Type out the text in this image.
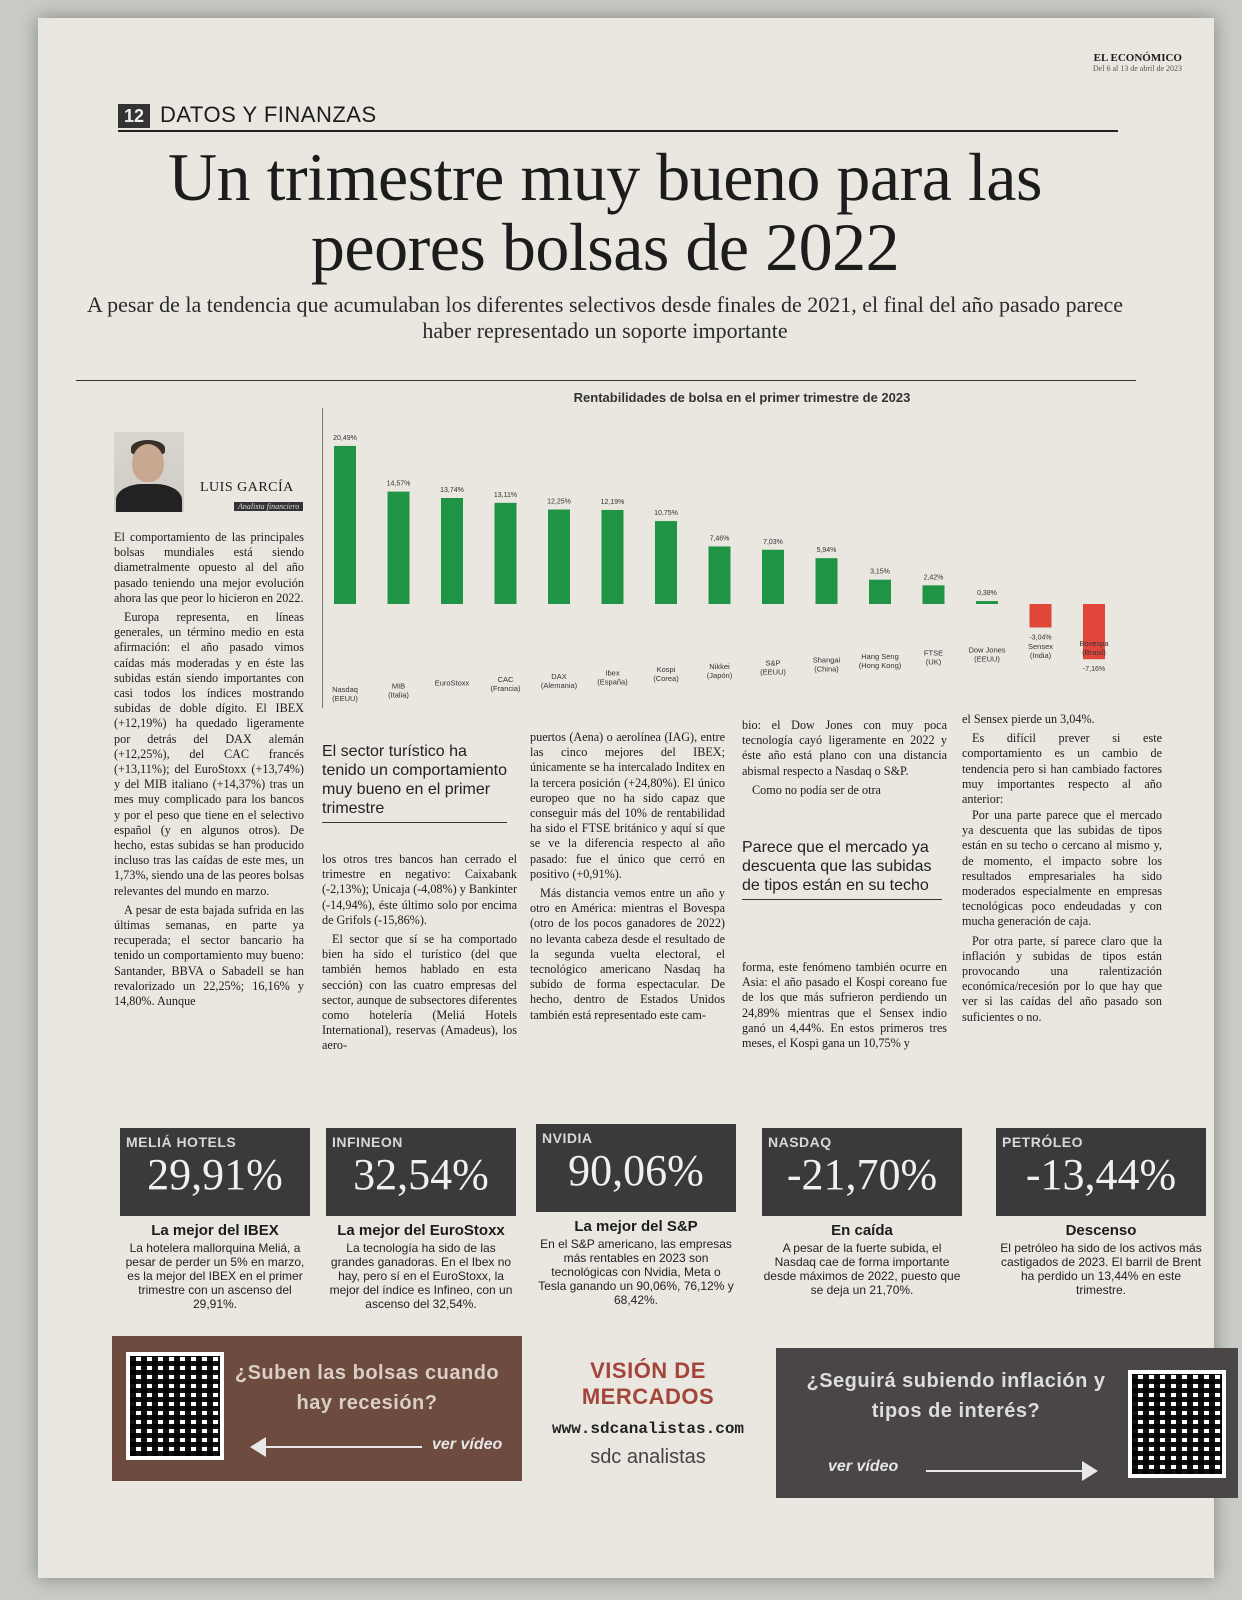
EL ECONÓMICO
Del 6 al 13 de abril de 2023
12 DATOS Y FINANZAS
Un trimestre muy bueno para las peores bolsas de 2022
A pesar de la tendencia que acumulaban los diferentes selectivos desde finales de 2021, el final del año pasado parece haber representado un soporte importante
LUIS GARCÍA
Analista financiero
Rentabilidades de bolsa en el primer trimestre de 2023
20,49%
Nasdaq (EEUU)
14,57%
MIB (Italia)
13,74%
EuroStoxx
13,11%
CAC (Francia)
12,25%
DAX (Alemania)
12,19%
Ibex (España)
10,75%
Kospi (Corea)
7,46%
Nikkei (Japón)
7,03%
S&P (EEUU)
5,94%
Shangai (China)
3,15%
Hang Seng (Hong Kong)
2,42%
FTSE (UK)
0,38%
Dow Jones (EEUU)
-3,04%
Sensex (India)
-7,16%
Bovespa (Brasil)

El comportamiento de las principales bolsas mundiales está siendo diametralmente opuesto al del año pasado teniendo una mejor evolución ahora las que peor lo hicieron en 2022.

Europa representa, en líneas generales, un término medio en esta afirmación: el año pasado vimos caídas más moderadas y en éste las subidas están siendo importantes con casi todos los índices mostrando subidas de doble dígito. El IBEX (+12,19%) ha quedado ligeramente por detrás del DAX alemán (+12,25%), del CAC francés (+13,11%); del EuroStoxx (+13,74%) y del MIB italiano (+14,37%) tras un mes muy complicado para los bancos y por el peso que tiene en el selectivo español (y en algunos otros). De hecho, estas subidas se han producido incluso tras las caídas de este mes, un 1,73%, siendo una de las peores bolsas relevantes del mundo en marzo.

A pesar de esta bajada sufrida en las últimas semanas, en parte ya recuperada; el sector bancario ha tenido un comportamiento muy bueno: Santander, BBVA o Sabadell se han revalorizado un 22,25%; 16,16% y 14,80%. Aunque

El sector turístico ha tenido un comportamiento muy bueno en el primer trimestre

los otros tres bancos han cerrado el trimestre en negativo: Caixabank (-2,13%); Unicaja (-4,08%) y Bankinter (-14,94%), éste último solo por encima de Grifols (-15,86%).

El sector que sí se ha comportado bien ha sido el turístico (del que también hemos hablado en esta sección) con las cuatro empresas del sector, aunque de subsectores diferentes como hotelería (Meliá Hotels International), reservas (Amadeus), los aero-

puertos (Aena) o aerolínea (IAG), entre las cinco mejores del IBEX; únicamente se ha intercalado Inditex en la tercera posición (+24,80%). El único europeo que no ha sido capaz que conseguir más del 10% de rentabilidad ha sido el FTSE británico y aquí sí que se ve la diferencia respecto al año pasado: fue el único que cerró en positivo (+0,91%).

Más distancia vemos entre un año y otro en América: mientras el Bovespa (otro de los pocos ganadores de 2022) no levanta cabeza desde el resultado de la segunda vuelta electoral, el tecnológico americano Nasdaq ha subido de forma espectacular. De hecho, dentro de Estados Unidos también está representado este cam-

bio: el Dow Jones con muy poca tecnología cayó ligeramente en 2022 y éste año está plano con una distancia abismal respecto a Nasdaq o S&P.

Como no podía ser de otra

Parece que el mercado ya descuenta que las subidas de tipos están en su techo

forma, este fenómeno también ocurre en Asia: el año pasado el Kospi coreano fue de los que más sufrieron perdiendo un 24,89% mientras que el Sensex indio ganó un 4,44%. En estos primeros tres meses, el Kospi gana un 10,75% y

el Sensex pierde un 3,04%.

Es difícil prever si este comportamiento es un cambio de tendencia pero si han cambiado factores muy importantes respecto al año anterior:

Por una parte parece que el mercado ya descuenta que las subidas de tipos están en su techo o cercano al mismo y, de momento, el impacto sobre los resultados empresariales ha sido moderados especialmente en empresas tecnológicas poco endeudadas y con mucha generación de caja.

Por otra parte, sí parece claro que la inflación y subidas de tipos están provocando una ralentización económica/recesión por lo que hay que ver si las caídas del año pasado son suficientes o no.

MELIÁ HOTELS
29,91%
La mejor del IBEX
La hotelera mallorquina Meliá, a pesar de perder un 5% en marzo, es la mejor del IBEX en el primer trimestre con un ascenso del 29,91%.
INFINEON
32,54%
La mejor del EuroStoxx
La tecnología ha sido de las grandes ganadoras. En el Ibex no hay, pero sí en el EuroStoxx, la mejor del índice es Infineo, con un ascenso del 32,54%.
NVIDIA
90,06%
La mejor del S&P
En el S&P americano, las empresas más rentables en 2023 son tecnológicas con Nvidia, Meta o Tesla ganando un 90,06%, 76,12% y 68,42%.
NASDAQ
-21,70%
En caída
A pesar de la fuerte subida, el Nasdaq cae de forma importante desde máximos de 2022, puesto que se deja un 21,70%.
PETRÓLEO
-13,44%
Descenso
El petróleo ha sido de los activos más castigados de 2023. El barril de Brent ha perdido un 13,44% en este trimestre.
¿Suben las bolsas cuando hay recesión?
ver vídeo
VISIÓN DE MERCADOS
www.sdcanalistas.com
sdc analistas
¿Seguirá subiendo inflación y tipos de interés?
ver vídeo
